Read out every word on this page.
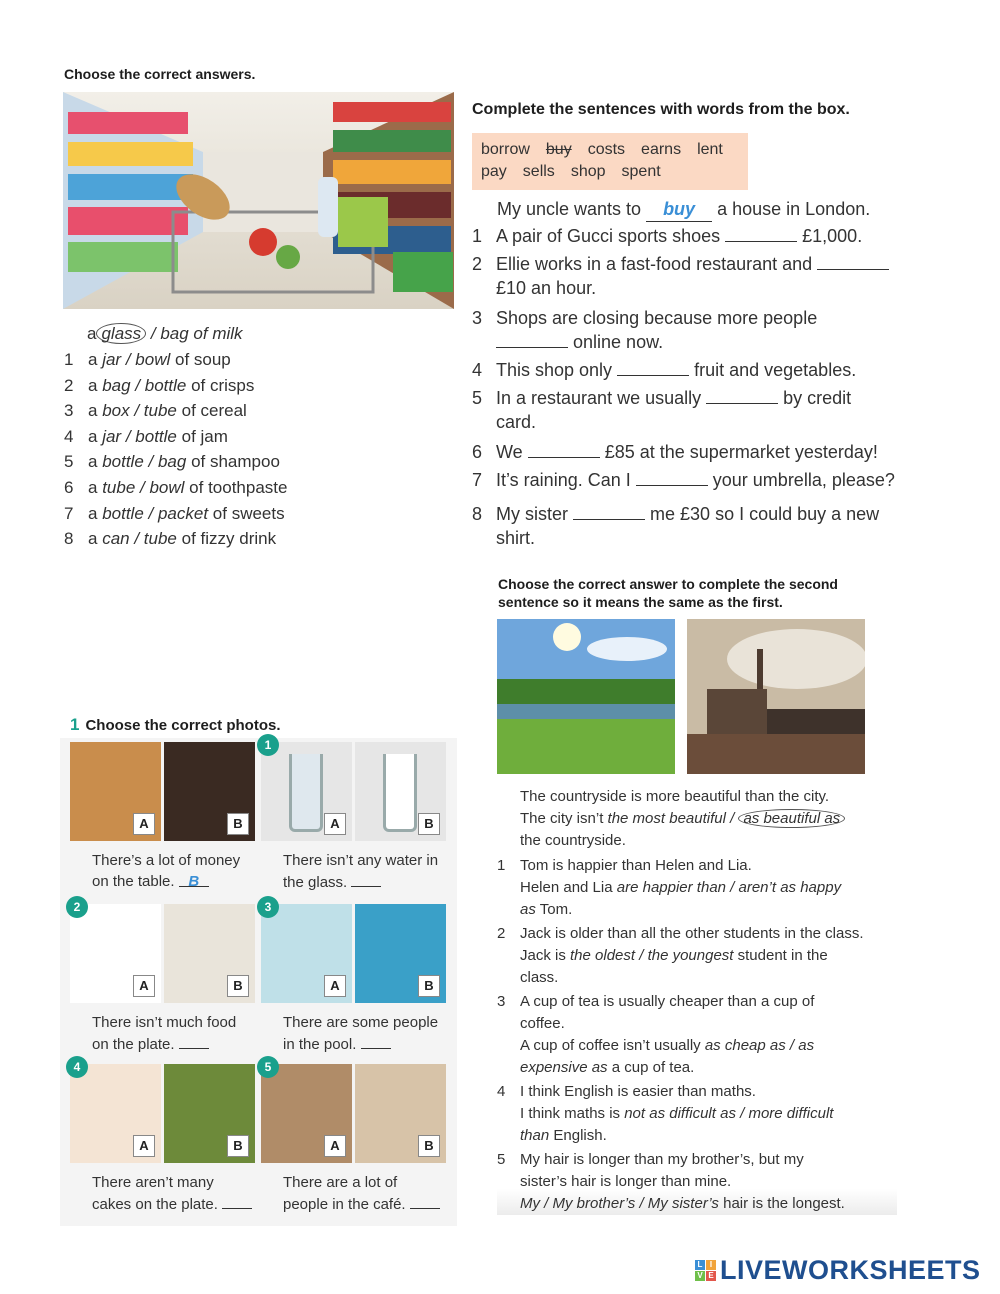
Choose the correct answers.
a glass / bag of milk
1 a jar / bowl of soup
2 a bag / bottle of crisps
3 a box / tube of cereal
4 a jar / bottle of jam
5 a bottle / bag of shampoo
6 a tube / bowl of toothpaste
7 a bottle / packet of sweets
8 a can / tube of fizzy drink
Complete the sentences with words from the box.
borrow buy costs earns lent
pay sells shop spent
My uncle wants to buy a house in London.
1 A pair of Gucci sports shoes	£1,000.
2 Ellie works in a fast-food restaurant and
£10 an hour.
3 Shops are closing because more people
online now.
4 This shop only	fruit and vegetables.
5 In a restaurant we usually	by credit
card.
6 We	£85 at the supermarket yesterday!
7 It’s raining. Can I	your umbrella, please?
8 My sister	me £30 so I could buy a new
shirt.
Choose the correct answer to complete the second
sentence so it means the same as the first.
The countryside is more beautiful than the city.
The city isn’t the most beautiful / as beautiful as
the countryside.
1 Tom is happier than Helen and Lia.
Helen and Lia are happier than / aren’t as happy
as Tom.
2 Jack is older than all the other students in the class.
Jack is the oldest / the youngest student in the
class.
3 A cup of tea is usually cheaper than a cup of
coffee.
A cup of coffee isn’t usually as cheap as / as
expensive as a cup of tea.
4 I think English is easier than maths.
I think maths is not as difficult as / more difficult
than English.
5 My hair is longer than my brother’s, but my
sister’s hair is longer than mine.
My / My brother’s / My sister’s hair is the longest.
1 Choose the correct photos.
A	B
There’s a lot of money
on the table. B
A	B
1
There isn’t any water in
the glass.
A	B
2
There isn’t much food
on the plate.
A	B
3
There are some people
in the pool.
A	B
4
There aren’t many
cakes on the plate.
A	B
5
There are a lot of
people in the café.
L I
V E LIVEWORKSHEETS
